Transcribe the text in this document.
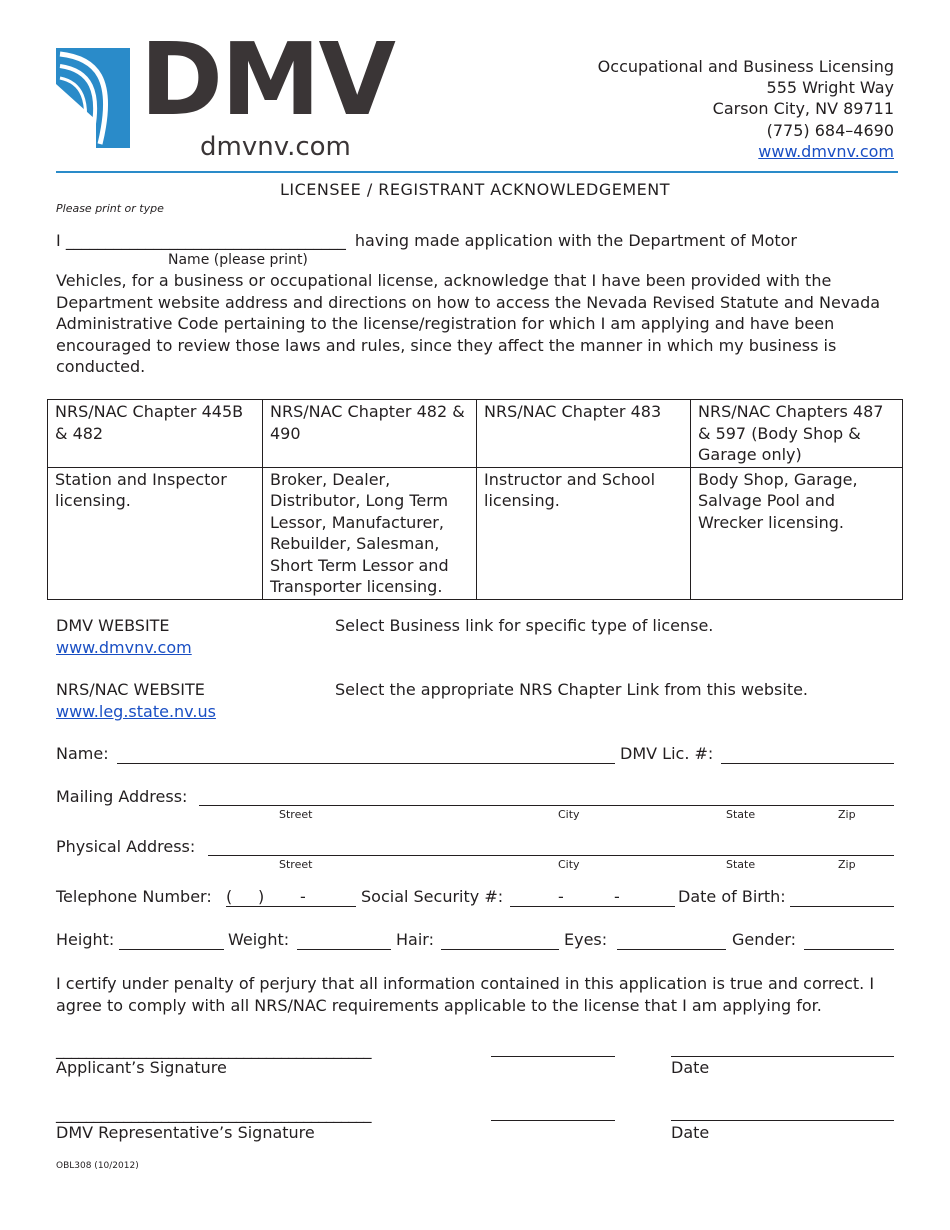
DMV
dmvnv.com
Occupational and Business Licensing
555 Wright Way
Carson City, NV 89711
(775) 684–4690
www.dmvnv.com
LICENSEE / REGISTRANT ACKNOWLEDGEMENT
Please print or type
I ___________________________________ having made application with the Department of Motor
Name (please print)
Vehicles, for a business or occupational license, acknowledge that I have been provided with the Department website address and directions on how to access the Nevada Revised Statute and Nevada Administrative Code pertaining to the license/registration for which I am applying and have been encouraged to review those laws and rules, since they affect the manner in which my business is conducted.
NRS/NAC Chapter 445B & 482	NRS/NAC Chapter 482 & 490	NRS/NAC Chapter 483	NRS/NAC Chapters 487 & 597 (Body Shop & Garage only)
Station and Inspector licensing.	Broker, Dealer, Distributor, Long Term Lessor, Manufacturer, Rebuilder, Salesman, Short Term Lessor and Transporter licensing.	Instructor and School licensing.	Body Shop, Garage, Salvage Pool and Wrecker licensing.
DMV WEBSITE
www.dmvnv.com
Select Business link for specific type of license.
NRS/NAC WEBSITE
www.leg.state.nv.us
Select the appropriate NRS Chapter Link from this website.
Name:	DMV Lic. #:
Mailing Address:
Street	City	State	Zip
Physical Address:
Street	City	State	Zip
Telephone Number: ( ) -	Social Security #:	-	-	Date of Birth:
Height:	Weight:	Hair:	Eyes:	Gender:
I certify under penalty of perjury that all information contained in this application is true and correct. I agree to comply with all NRS/NAC requirements applicable to the license that I am applying for.
__________________________________________
Applicant’s Signature	Date
__________________________________________
DMV Representative’s Signature	Date
OBL308 (10/2012)
